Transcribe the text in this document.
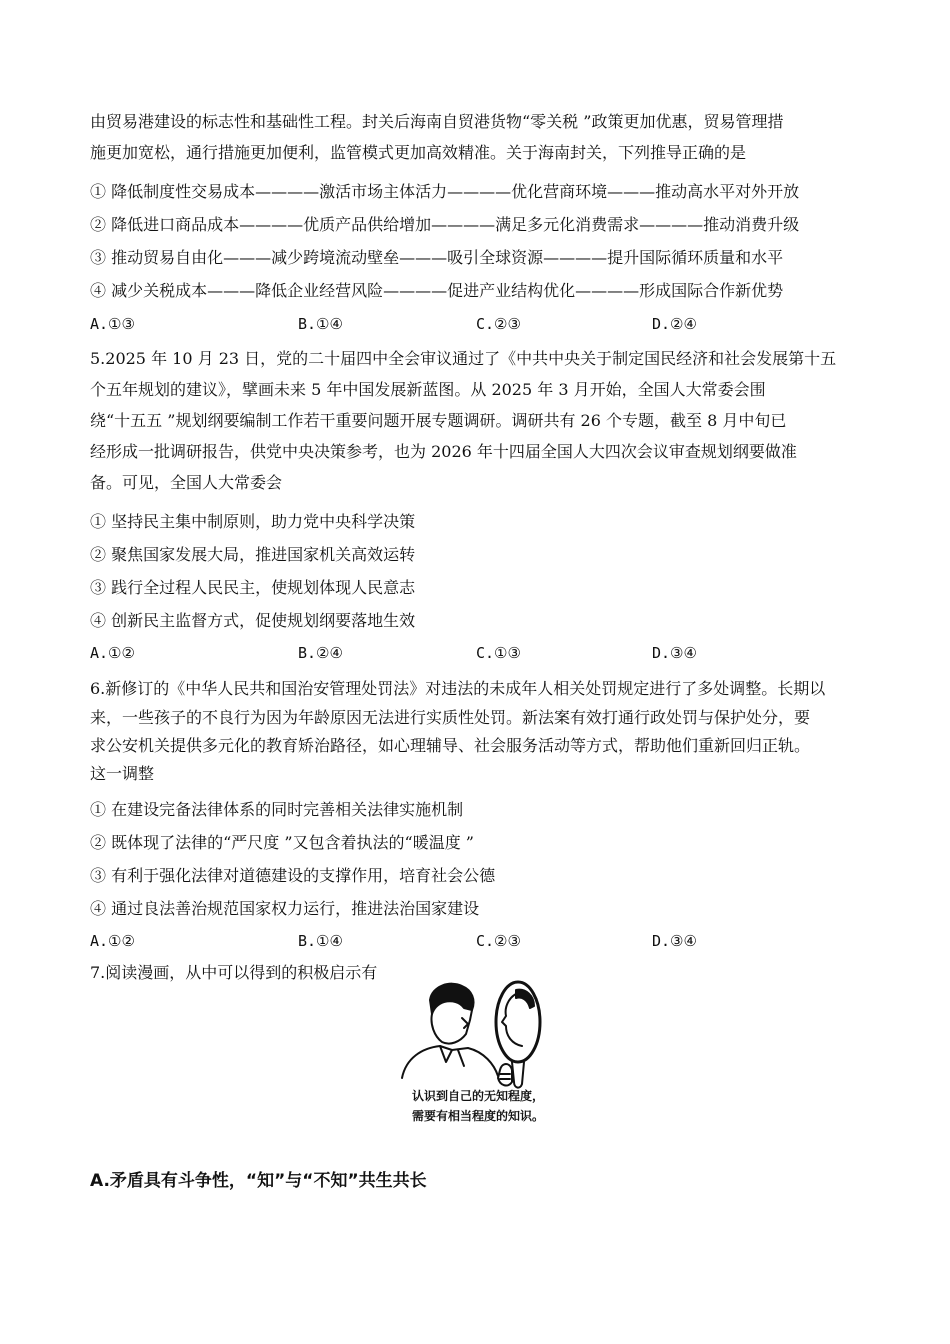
由贸易港建设的标志性和基础性工程。封关后海南自贸港货物“零关税 ”政策更加优惠，贸易管理措
施更加宽松，通行措施更加便利，监管模式更加高效精准。关于海南封关，下列推导正确的是
① 降低制度性交易成本————激活市场主体活力————优化营商环境———推动高水平对外开放
② 降低进口商品成本————优质产品供给增加————满足多元化消费需求————推动消费升级
③ 推动贸易自由化———减少跨境流动壁垒———吸引全球资源————提升国际循环质量和水平
④ 减少关税成本———降低企业经营风险————促进产业结构优化————形成国际合作新优势
A.①③	B.①④	C.②③	D.②④
5.2025 年 10 月 23 日，党的二十届四中全会审议通过了《中共中央关于制定国民经济和社会发展第十五
个五年规划的建议》，擘画未来 5 年中国发展新蓝图。从 2025 年 3 月开始，全国人大常委会围
绕“十五五 ”规划纲要编制工作若干重要问题开展专题调研。调研共有 26 个专题，截至 8 月中旬已
经形成一批调研报告，供党中央决策参考，也为 2026 年十四届全国人大四次会议审查规划纲要做准
备。可见，全国人大常委会
① 坚持民主集中制原则，助力党中央科学决策
② 聚焦国家发展大局，推进国家机关高效运转
③ 践行全过程人民民主，使规划体现人民意志
④ 创新民主监督方式，促使规划纲要落地生效
A.①②	B.②④	C.①③	D.③④
6.新修订的《中华人民共和国治安管理处罚法》对违法的未成年人相关处罚规定进行了多处调整。长期以
来，一些孩子的不良行为因为年龄原因无法进行实质性处罚。新法案有效打通行政处罚与保护处分，要
求公安机关提供多元化的教育矫治路径，如心理辅导、社会服务活动等方式，帮助他们重新回归正轨。
这一调整
① 在建设完备法律体系的同时完善相关法律实施机制
② 既体现了法律的“严尺度 ”又包含着执法的“暖温度 ”
③ 有利于强化法律对道德建设的支撑作用，培育社会公德
④ 通过良法善治规范国家权力运行，推进法治国家建设
A.①②	B.①④	C.②③	D.③④
7.阅读漫画，从中可以得到的积极启示有
认识到自己的无知程度，
需要有相当程度的知识。
A.矛盾具有斗争性，“知”与“不知”共生共长
